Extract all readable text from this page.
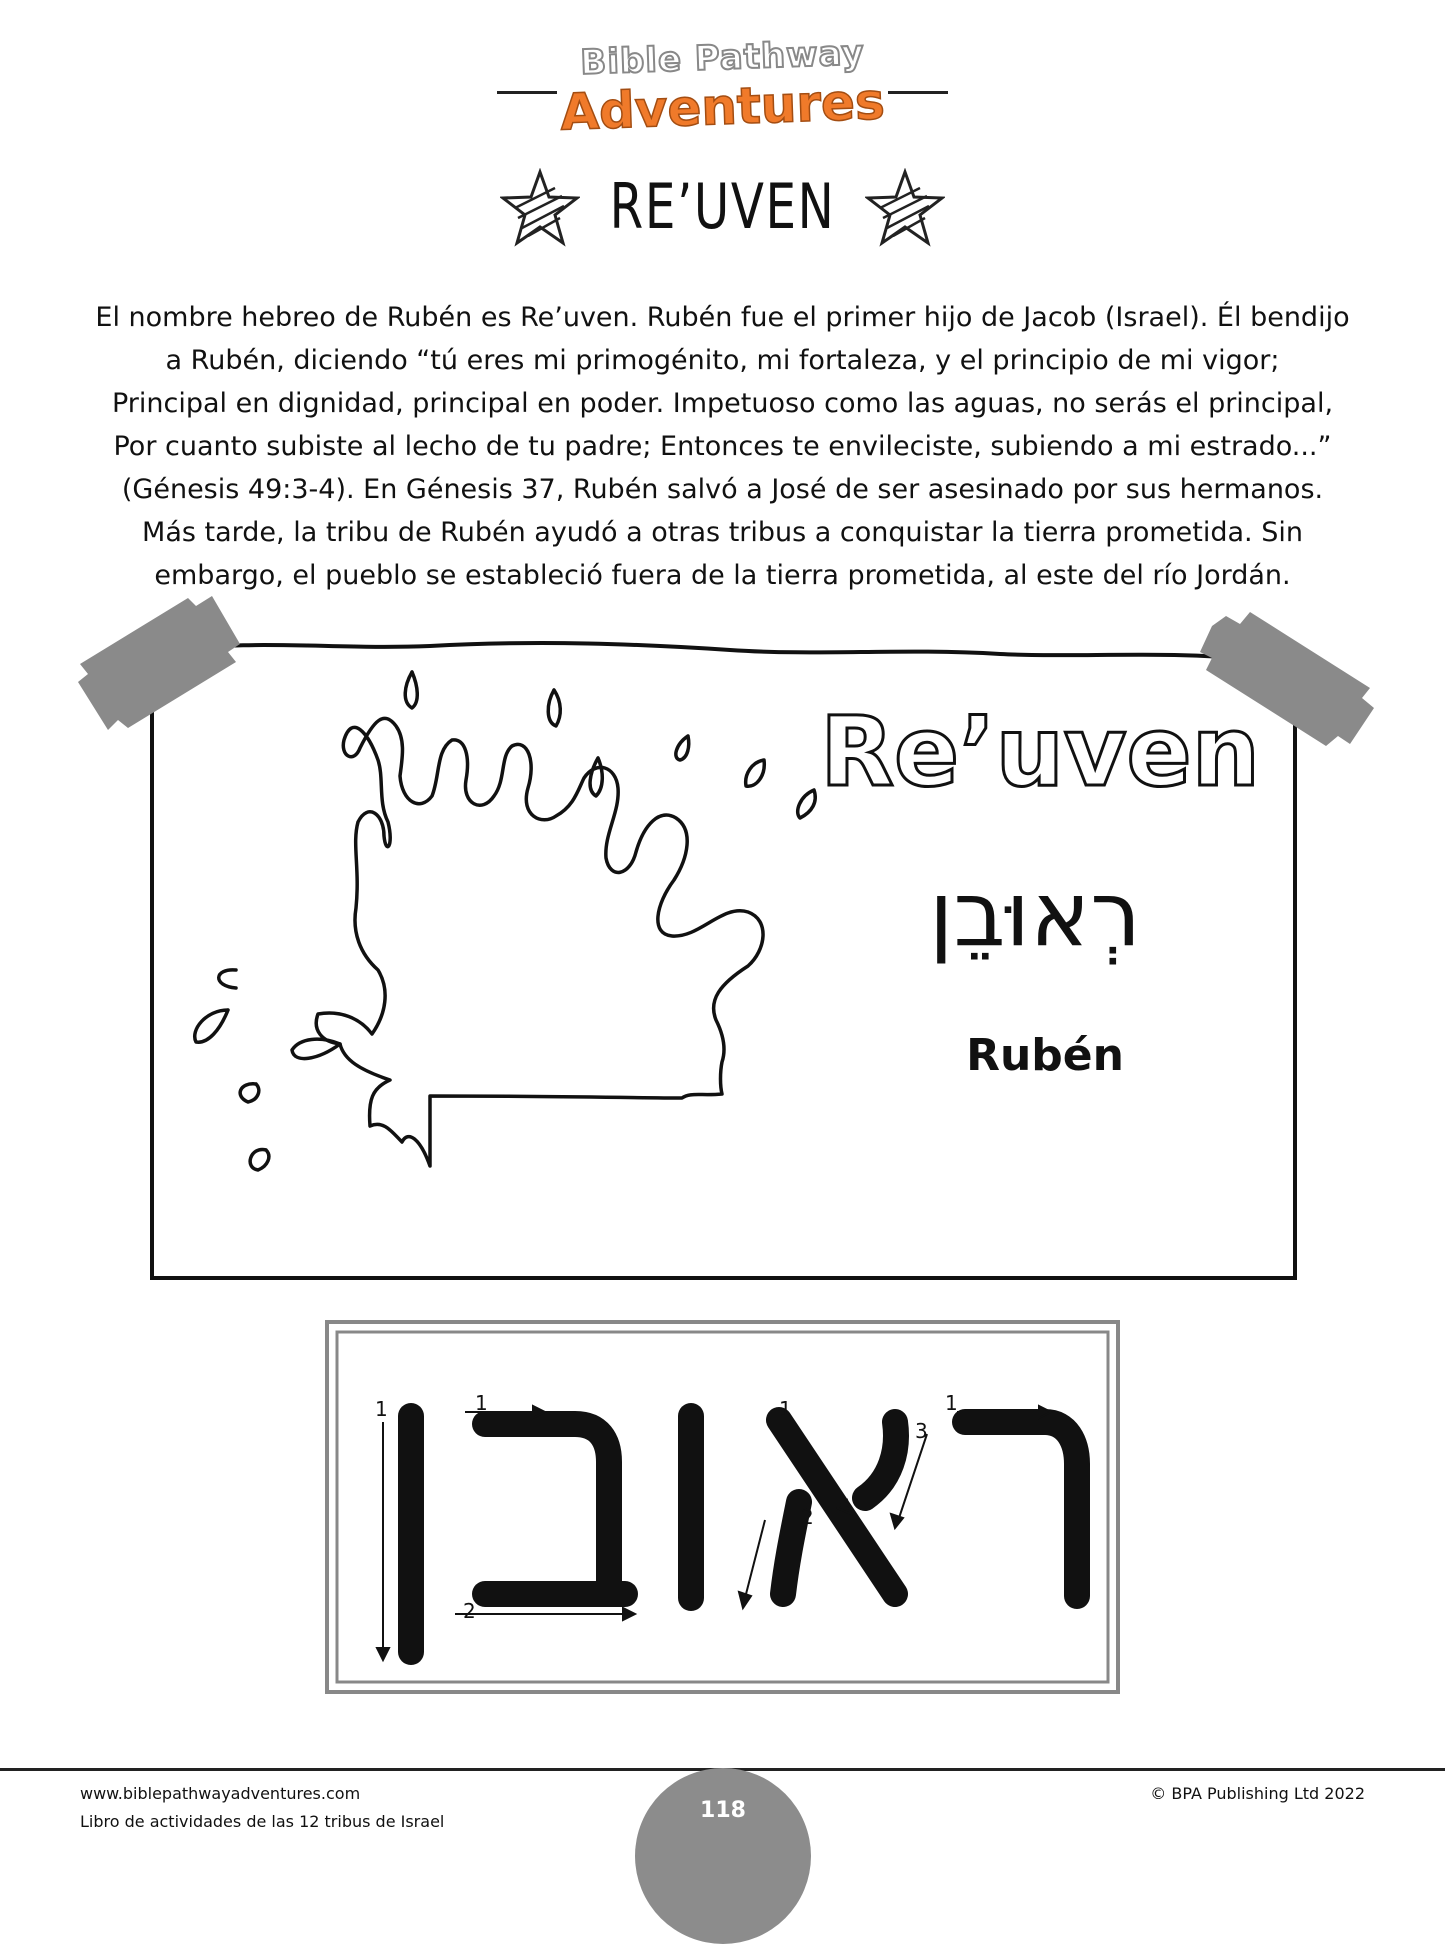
Bible Pathway
Adventures
RE’UVEN
El nombre hebreo de Rubén es Re’uven. Rubén fue el primer hijo de Jacob (Israel). Él bendijo
a Rubén, diciendo “tú eres mi primogénito, mi fortaleza, y el principio de mi vigor;
Principal en dignidad, principal en poder. Impetuoso como las aguas, no serás el principal,
Por cuanto subiste al lecho de tu padre; Entonces te envileciste, subiendo a mi estrado...”
(Génesis 49:3-4). En Génesis 37, Rubén salvó a José de ser asesinado por sus hermanos.
Más tarde, la tribu de Rubén ayudó a otras tribus a conquistar la tierra prometida. Sin
embargo, el pueblo se estableció fuera de la tierra prometida, al este del río Jordán.
Re’uven
רְאוּבֵן
Rubén
1	1
2
1
2
3
1
118
www.biblepathwayadventures.com
Libro de actividades de las 12 tribus de Israel
© BPA Publishing Ltd 2022
